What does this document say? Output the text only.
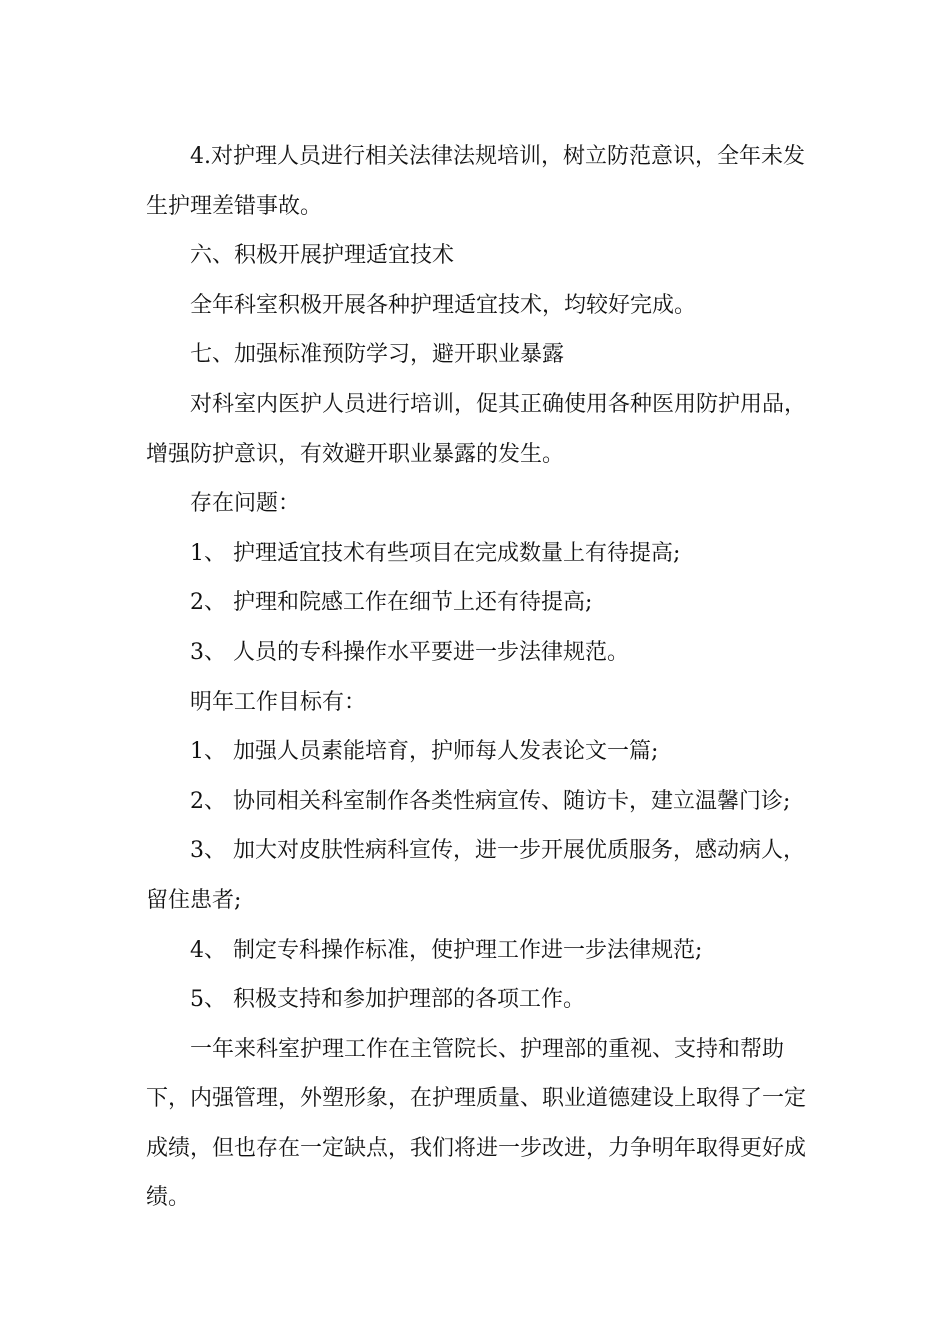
4.对护理人员进行相关法律法规培训，树立防范意识，全年未发生护理差错事故。

六、积极开展护理适宜技术

全年科室积极开展各种护理适宜技术，均较好完成。

七、加强标准预防学习，避开职业暴露

对科室内医护人员进行培训，促其正确使用各种医用防护用品，增强防护意识，有效避开职业暴露的发生。

存在问题：

1、 护理适宜技术有些项目在完成数量上有待提高;

2、 护理和院感工作在细节上还有待提高;

3、 人员的专科操作水平要进一步法律规范。

明年工作目标有：

1、 加强人员素能培育，护师每人发表论文一篇;

2、 协同相关科室制作各类性病宣传、随访卡，建立温馨门诊;

3、 加大对皮肤性病科宣传，进一步开展优质服务，感动病人，留住患者;

4、 制定专科操作标准，使护理工作进一步法律规范;

5、 积极支持和参加护理部的各项工作。

一年来科室护理工作在主管院长、护理部的重视、支持和帮助下，内强管理，外塑形象，在护理质量、职业道德建设上取得了一定成绩，但也存在一定缺点，我们将进一步改进，力争明年取得更好成绩。
